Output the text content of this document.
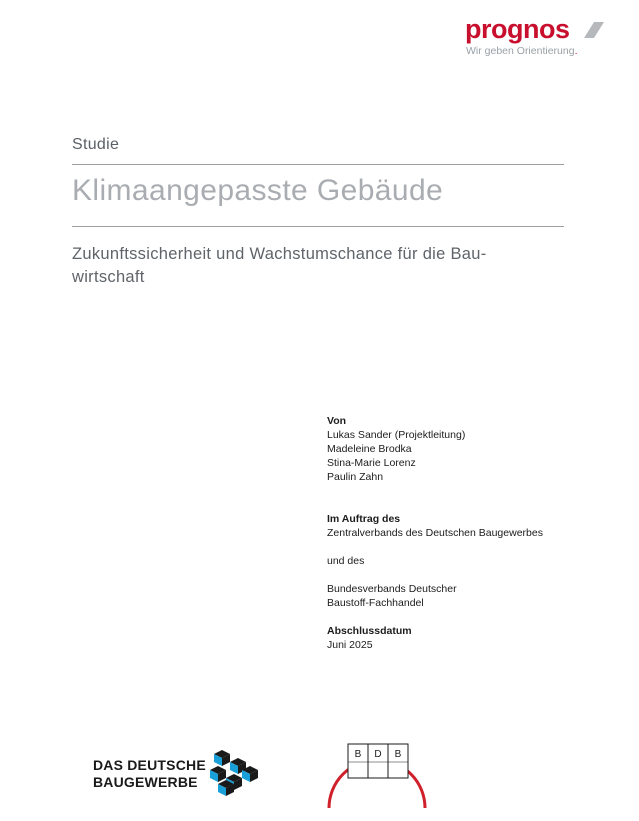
prognos
Wir geben Orientierung.
Studie
Klimaangepasste Gebäude
Zukunftssicherheit und Wachstumschance für die Bau- wirtschaft
Von
Lukas Sander (Projektleitung)
Madeleine Brodka
Stina-Marie Lorenz
Paulin Zahn
Im Auftrag des
Zentralverbands des Deutschen Baugewerbes
und des
Bundesverbands Deutscher
Baustoff-Fachhandel
Abschlussdatum
Juni 2025
DAS DEUTSCHE
BAUGEWERBE
B D B
